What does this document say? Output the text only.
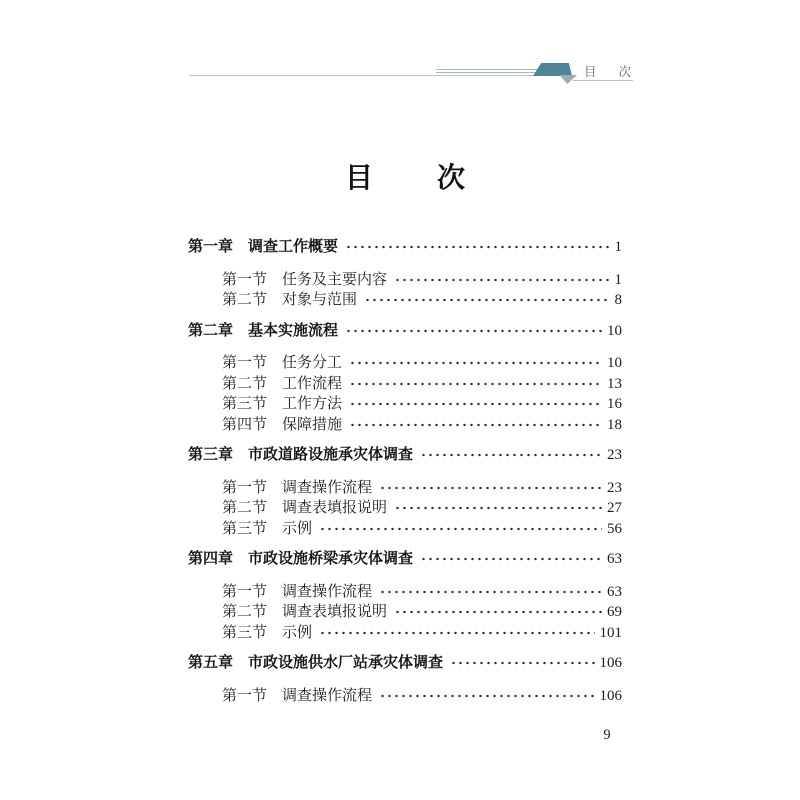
目 次
目 次
第一章 调查工作概要	1
第一节 任务及主要内容	1
第二节 对象与范围	8
第二章 基本实施流程	10
第一节 任务分工	10
第二节 工作流程	13
第三节 工作方法	16
第四节 保障措施	18
第三章 市政道路设施承灾体调查	23
第一节 调查操作流程	23
第二节 调查表填报说明	27
第三节 示例	56
第四章 市政设施桥梁承灾体调查	63
第一节 调查操作流程	63
第二节 调查表填报说明	69
第三节 示例	101
第五章 市政设施供水厂站承灾体调查	106
第一节 调查操作流程	106
9
